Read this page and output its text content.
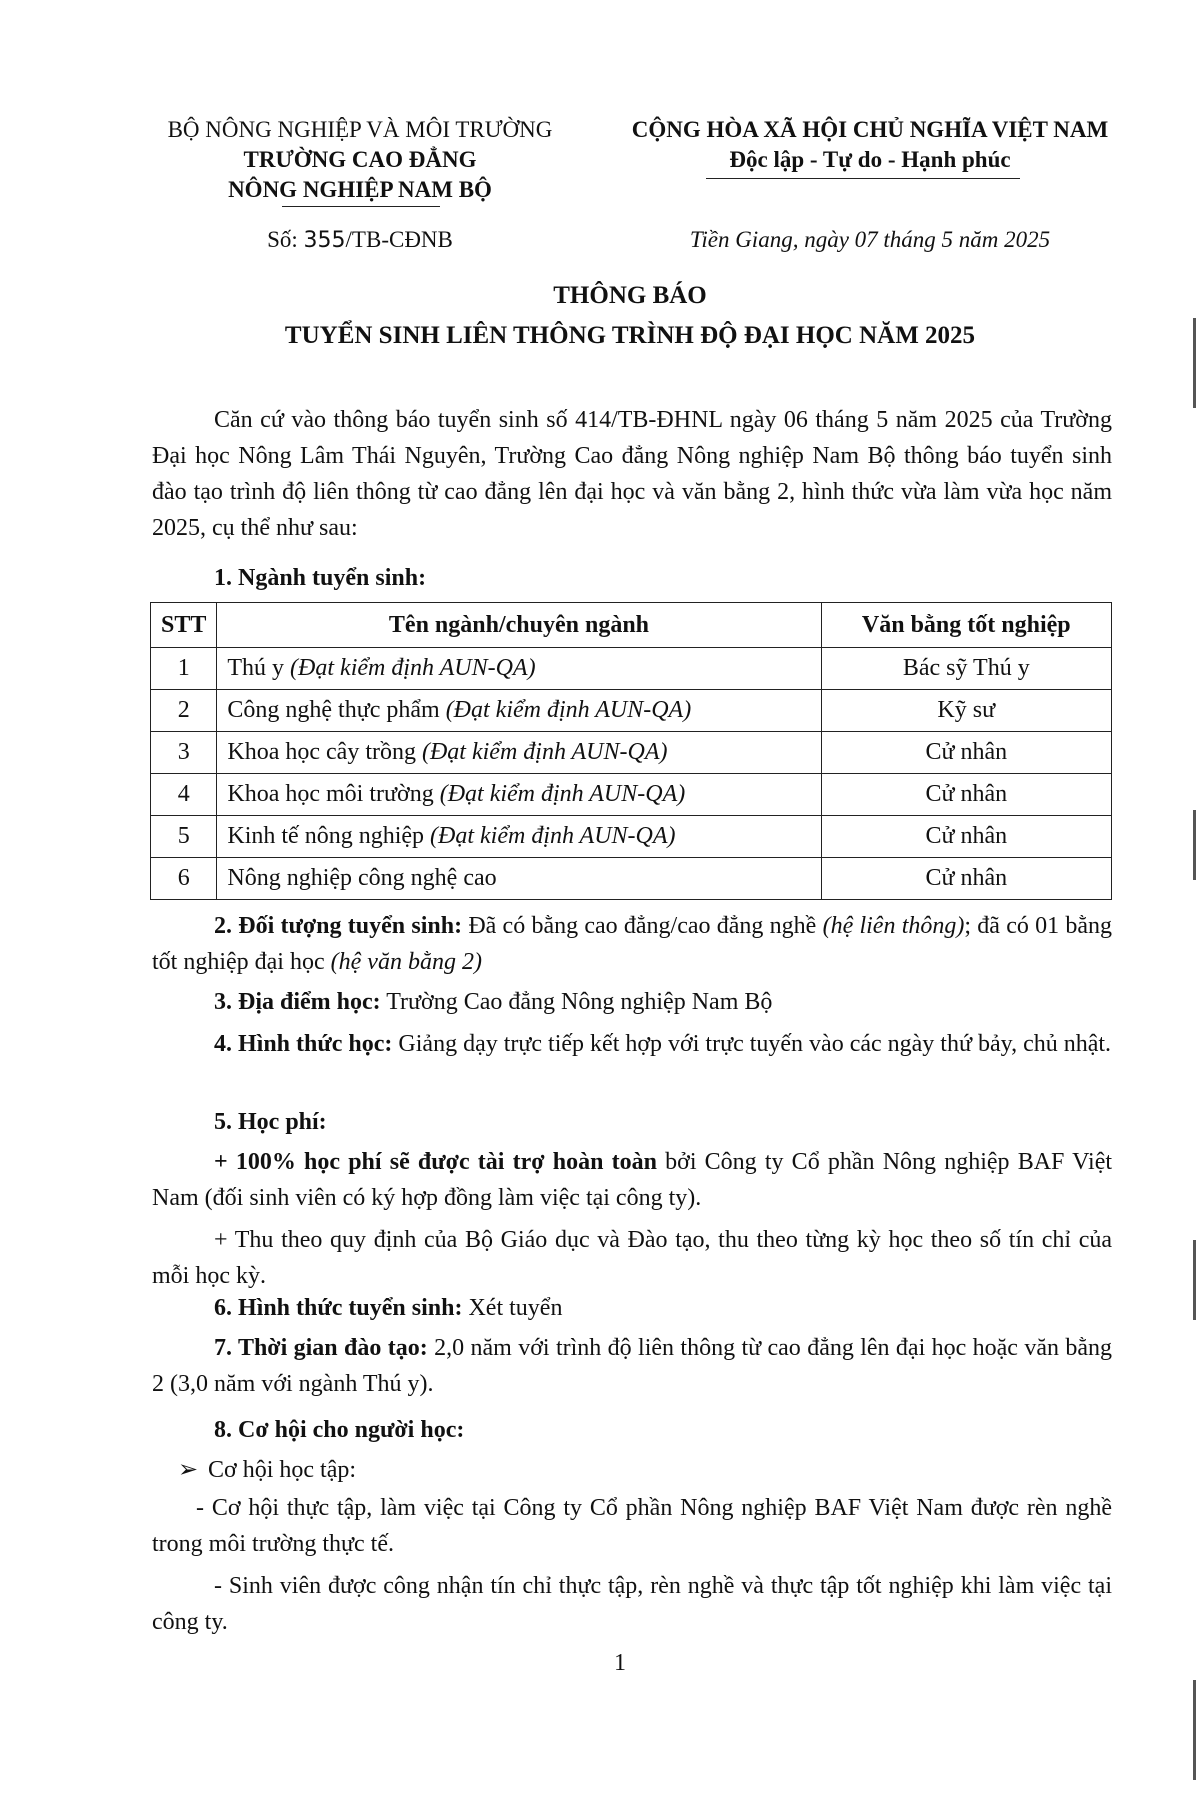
BỘ NÔNG NGHIỆP VÀ MÔI TRƯỜNG
TRƯỜNG CAO ĐẲNG
NÔNG NGHIỆP NAM BỘ
Số: 355/TB-CĐNB
CỘNG HÒA XÃ HỘI CHỦ NGHĨA VIỆT NAM
Độc lập - Tự do - Hạnh phúc
Tiền Giang, ngày 07 tháng 5 năm 2025
THÔNG BÁO
TUYỂN SINH LIÊN THÔNG TRÌNH ĐỘ ĐẠI HỌC NĂM 2025
Căn cứ vào thông báo tuyển sinh số 414/TB-ĐHNL ngày 06 tháng 5 năm 2025 của Trường Đại học Nông Lâm Thái Nguyên, Trường Cao đẳng Nông nghiệp Nam Bộ thông báo tuyển sinh đào tạo trình độ liên thông từ cao đẳng lên đại học và văn bằng 2, hình thức vừa làm vừa học năm 2025, cụ thể như sau:
1. Ngành tuyển sinh:
STT	Tên ngành/chuyên ngành	Văn bằng tốt nghiệp
1	Thú y (Đạt kiểm định AUN-QA)	Bác sỹ Thú y
2	Công nghệ thực phẩm (Đạt kiểm định AUN-QA)	Kỹ sư
3	Khoa học cây trồng (Đạt kiểm định AUN-QA)	Cử nhân
4	Khoa học môi trường (Đạt kiểm định AUN-QA)	Cử nhân
5	Kinh tế nông nghiệp (Đạt kiểm định AUN-QA)	Cử nhân
6	Nông nghiệp công nghệ cao	Cử nhân
2. Đối tượng tuyển sinh: Đã có bằng cao đẳng/cao đẳng nghề (hệ liên thông); đã có 01 bằng tốt nghiệp đại học (hệ văn bằng 2)
3. Địa điểm học: Trường Cao đẳng Nông nghiệp Nam Bộ
4. Hình thức học: Giảng dạy trực tiếp kết hợp với trực tuyến vào các ngày thứ bảy, chủ nhật.
5. Học phí:
+ 100% học phí sẽ được tài trợ hoàn toàn bởi Công ty Cổ phần Nông nghiệp BAF Việt Nam (đối sinh viên có ký hợp đồng làm việc tại công ty).
+ Thu theo quy định của Bộ Giáo dục và Đào tạo, thu theo từng kỳ học theo số tín chỉ của mỗi học kỳ.
6. Hình thức tuyển sinh: Xét tuyển
7. Thời gian đào tạo: 2,0 năm với trình độ liên thông từ cao đẳng lên đại học hoặc văn bằng 2 (3,0 năm với ngành Thú y).
8. Cơ hội cho người học:
➢ Cơ hội học tập:
- Cơ hội thực tập, làm việc tại Công ty Cổ phần Nông nghiệp BAF Việt Nam được rèn nghề trong môi trường thực tế.
- Sinh viên được công nhận tín chỉ thực tập, rèn nghề và thực tập tốt nghiệp khi làm việc tại công ty.
1
